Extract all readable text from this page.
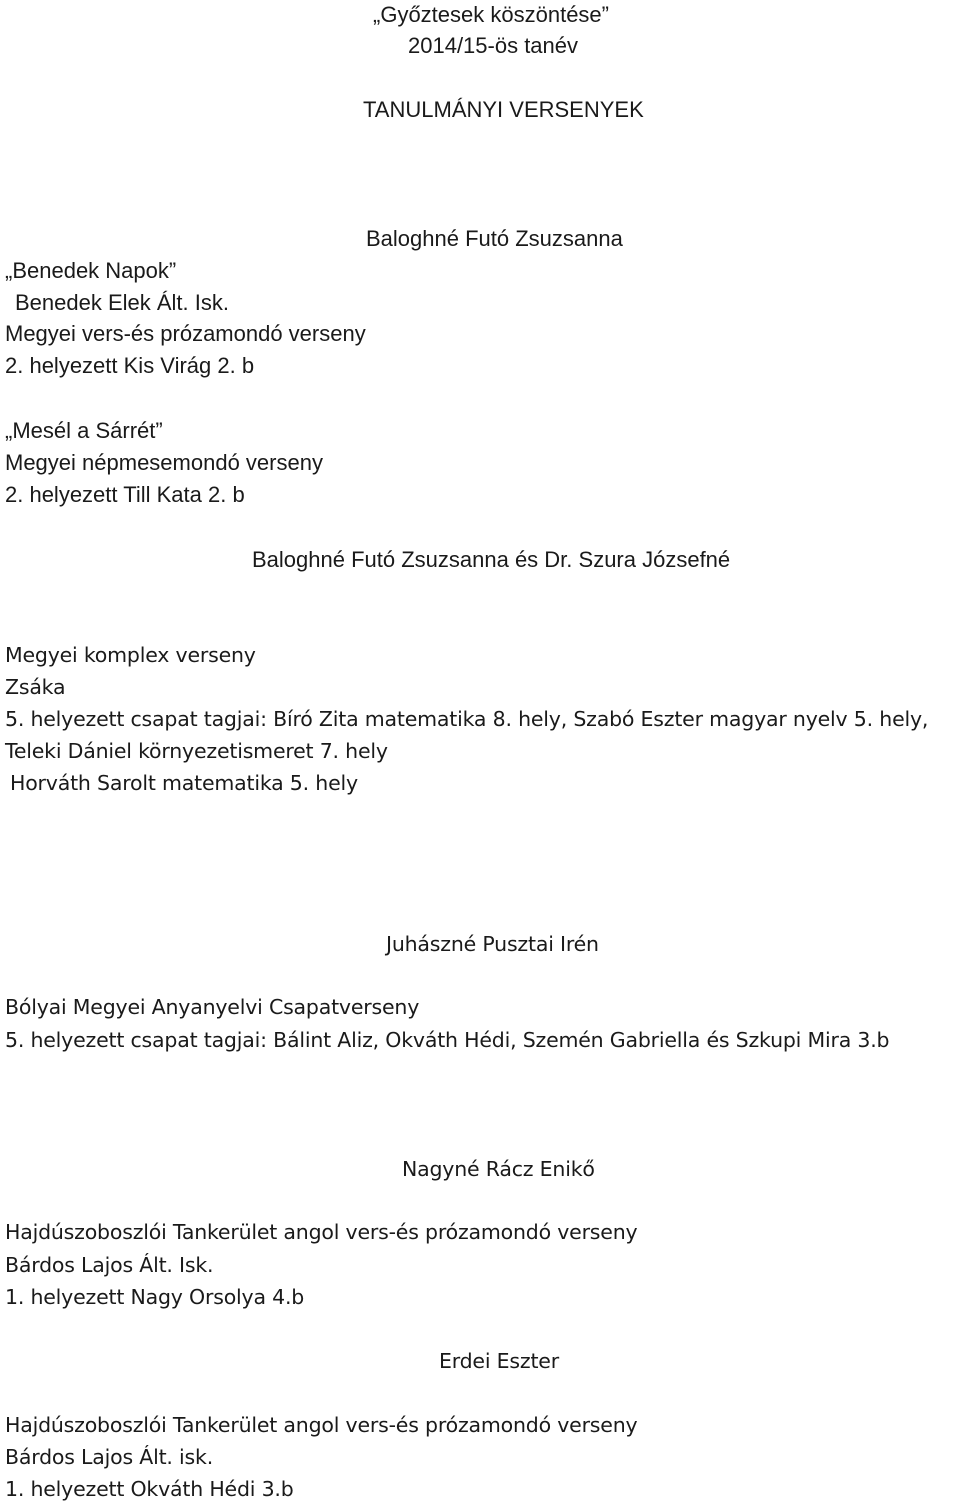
„Győztesek köszöntése”
2014/15-ös tanév
TANULMÁNYI VERSENYEK
Baloghné Futó Zsuzsanna
„Benedek Napok”
Benedek Elek Ált. Isk.
Megyei vers-és prózamondó verseny
2. helyezett Kis Virág 2. b
„Mesél a Sárrét”
Megyei népmesemondó verseny
2. helyezett Till Kata 2. b
Baloghné Futó Zsuzsanna és Dr. Szura Józsefné
Megyei komplex verseny
Zsáka
5. helyezett csapat tagjai: Bíró Zita matematika 8. hely, Szabó Eszter magyar nyelv 5. hely,
Teleki Dániel környezetismeret 7. hely
Horváth Sarolt matematika 5. hely
Juhászné Pusztai Irén
Bólyai Megyei Anyanyelvi Csapatverseny
5. helyezett csapat tagjai: Bálint Aliz, Okváth Hédi, Szemén Gabriella és Szkupi Mira 3.b
Nagyné Rácz Enikő
Hajdúszoboszlói Tankerület angol vers-és prózamondó verseny
Bárdos Lajos Ált. Isk.
1. helyezett Nagy Orsolya 4.b
Erdei Eszter
Hajdúszoboszlói Tankerület angol vers-és prózamondó verseny
Bárdos Lajos Ált. isk.
1. helyezett Okváth Hédi 3.b
